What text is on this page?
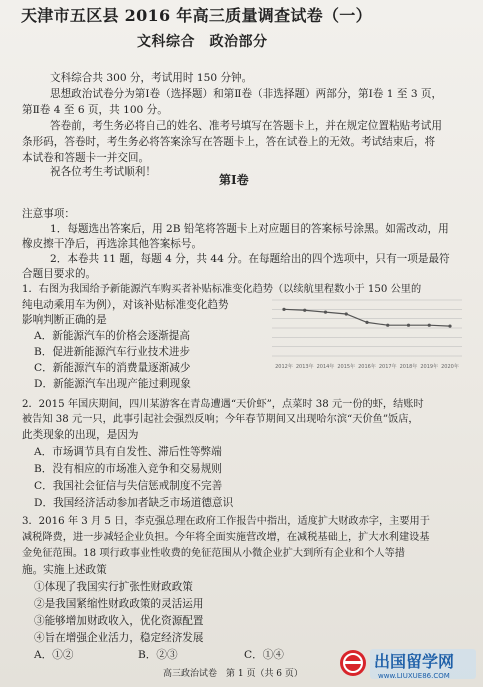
天津市五区县 2016 年高三质量调查试卷（一）
文科综合　政治部分
文科综合共 300 分，考试用时 150 分钟。
思想政治试卷分为第Ⅰ卷（选择题）和第Ⅱ卷（非选择题）两部分，第Ⅰ卷 1 至 3 页，
第Ⅱ卷 4 至 6 页，共 100 分。
答卷前，考生务必将自己的姓名、准考号填写在答题卡上，并在规定位置粘贴考试用
条形码，答卷时，考生务必将答案涂写在答题卡上，答在试卷上的无效。考试结束后，将
本试卷和答题卡一并交回。
祝各位考生考试顺利！
第Ⅰ卷
注意事项：
1．每题选出答案后，用 2B 铅笔将答题卡上对应题目的答案标号涂黑。如需改动，用
橡皮擦干净后，再选涂其他答案标号。
2．本卷共 11 题，每题 4 分，共 44 分。在每题给出的四个选项中，只有一项是最符
合题目要求的。
1．右图为我国给予新能源汽车购买者补贴标准变化趋势（以续航里程数小于 150 公里的
纯电动乘用车为例），对该补贴标准变化趋势
影响判断正确的是
A．新能源汽车的价格会逐渐提高
B．促进新能源汽车行业技术进步
C．新能源汽车的消费量逐渐减少
D．新能源汽车出现产能过剩现象
2012年 2013年 2014年 2015年 2016年 2017年 2018年 2019年 2020年
2．2015 年国庆期间，四川某游客在青岛遭遇“天价虾”，点菜时 38 元一份的虾，结账时
被告知 38 元一只，此事引起社会强烈反响；今年春节期间又出现哈尔滨“天价鱼”饭店，
此类现象的出现，是因为
A．市场调节具有自发性、滞后性等弊端
B．没有相应的市场准入竞争和交易规则
C．我国社会征信与失信惩戒制度不完善
D．我国经济活动参加者缺乏市场道德意识
3．2016 年 3 月 5 日，李克强总理在政府工作报告中指出，适度扩大财政赤字，主要用于
减税降费，进一步减轻企业负担。今年将全面实施营改增，在减税基础上，扩大水利建设基
金免征范围。18 项行政事业性收费的免征范围从小微企业扩大到所有企业和个人等措
施。实施上述政策
①体现了我国实行扩张性财政政策
②是我国紧缩性财政政策的灵活运用
③能够增加财政收入，优化资源配置
④旨在增强企业活力，稳定经济发展
A．①②	B．②③	C．①④
高三政治试卷　第 1 页（共 6 页）
出国留学网
www.LIUXUE86.COM
